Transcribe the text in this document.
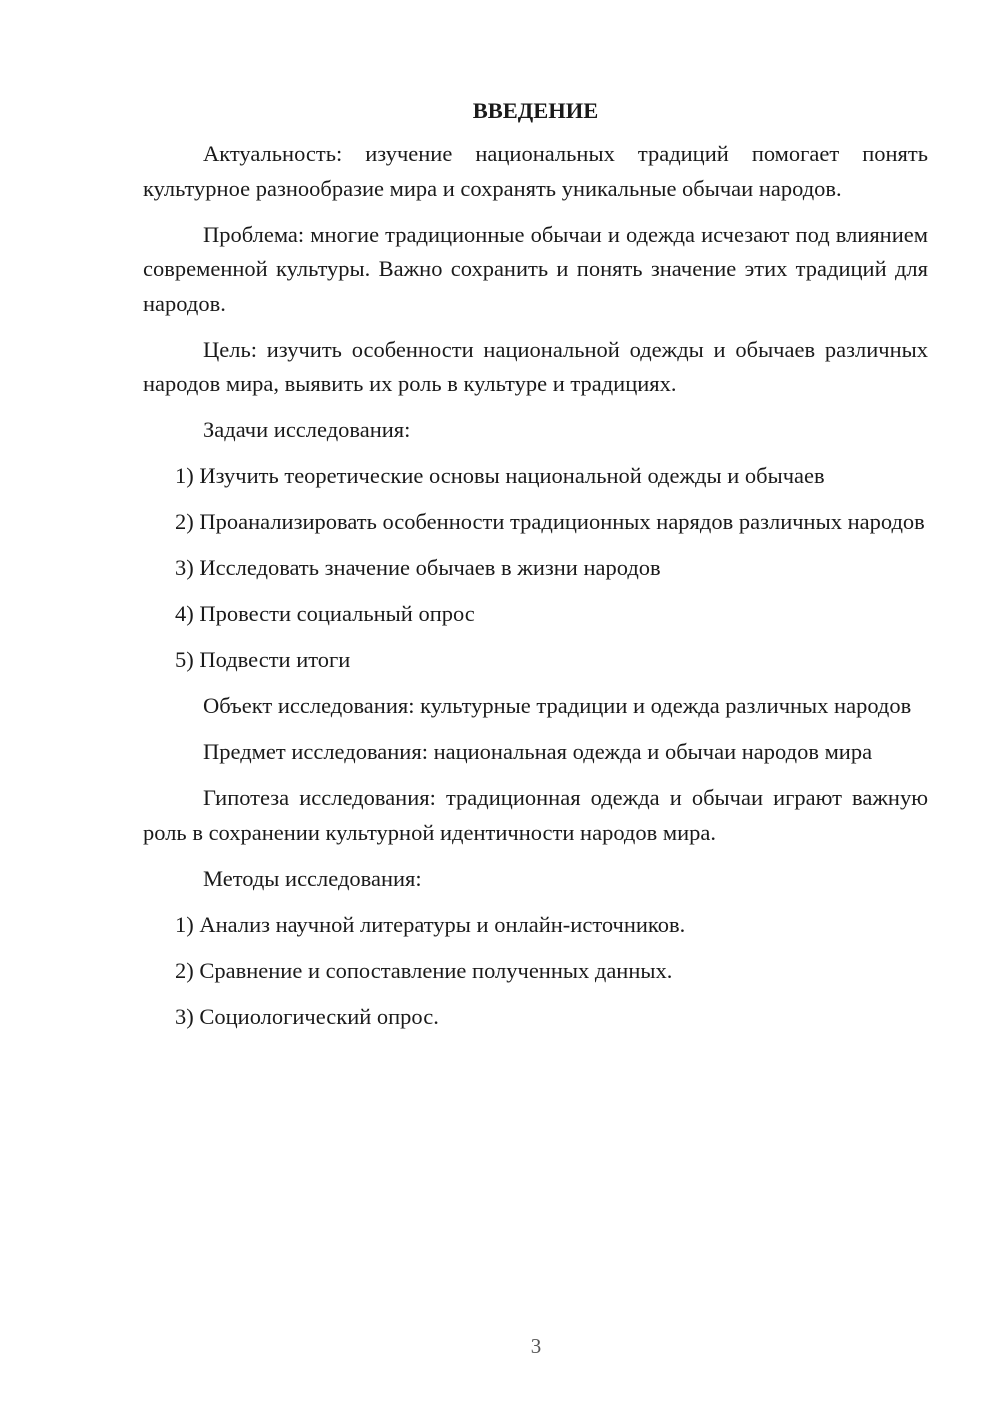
ВВЕДЕНИЕ

Актуальность: изучение национальных традиций помогает понять культурное разнообразие мира и сохранять уникальные обычаи народов.

Проблема: многие традиционные обычаи и одежда исчезают под влиянием современной культуры. Важно сохранить и понять значение этих традиций для народов.

Цель: изучить особенности национальной одежды и обычаев различных народов мира, выявить их роль в культуре и традициях.

Задачи исследования:

1) Изучить теоретические основы национальной одежды и обычаев

2) Проанализировать особенности традиционных нарядов различных народов

3) Исследовать значение обычаев в жизни народов

4) Провести социальный опрос

5) Подвести итоги

Объект исследования: культурные традиции и одежда различных народов

Предмет исследования: национальная одежда и обычаи народов мира

Гипотеза исследования: традиционная одежда и обычаи играют важную роль в сохранении культурной идентичности народов мира.

Методы исследования:

1) Анализ научной литературы и онлайн-источников.

2) Сравнение и сопоставление полученных данных.

3) Социологический опрос.

3
